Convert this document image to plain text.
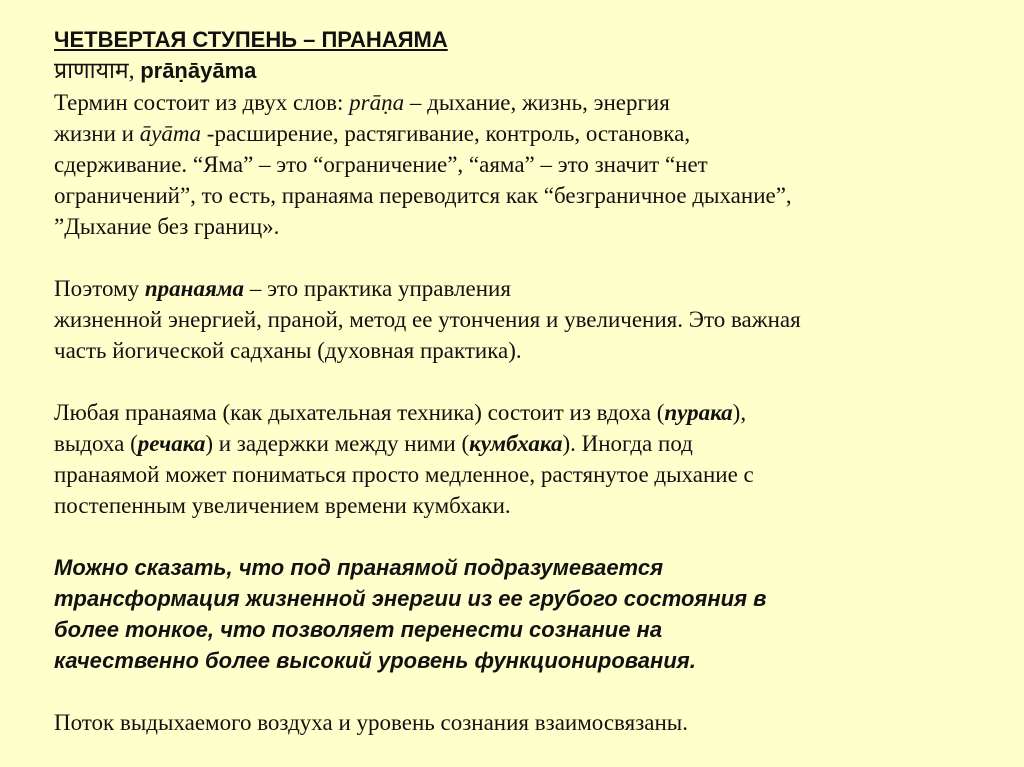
ЧЕТВЕРТАЯ СТУПЕНЬ – ПРАНАЯМА
प्राणायाम, prāṇāyāma
Термин состоит из двух слов: prāṇa – дыхание, жизнь, энергия
жизни и āyāma -расширение, растягивание, контроль, остановка,
сдерживание. “Яма” – это “ограничение”, “аяма” – это значит “нет
ограничений”, то есть, пранаяма переводится как “безграничное дыхание”,
”Дыхание без границ».
Поэтому пранаяма – это практика управления
жизненной энергией, праной, метод ее утончения и увеличения. Это важная
часть йогической садханы (духовная практика).
Любая пранаяма (как дыхательная техника) состоит из вдоха (пурака),
выдоха (речака) и задержки между ними (кумбхака). Иногда под
пранаямой может пониматься просто медленное, растянутое дыхание с
постепенным увеличением времени кумбхаки.
Можно сказать, что под пранаямой подразумевается
трансформация жизненной энергии из ее грубого состояния в
более тонкое, что позволяет перенести сознание на
качественно более высокий уровень функционирования.
Поток выдыхаемого воздуха и уровень сознания взаимосвязаны.
